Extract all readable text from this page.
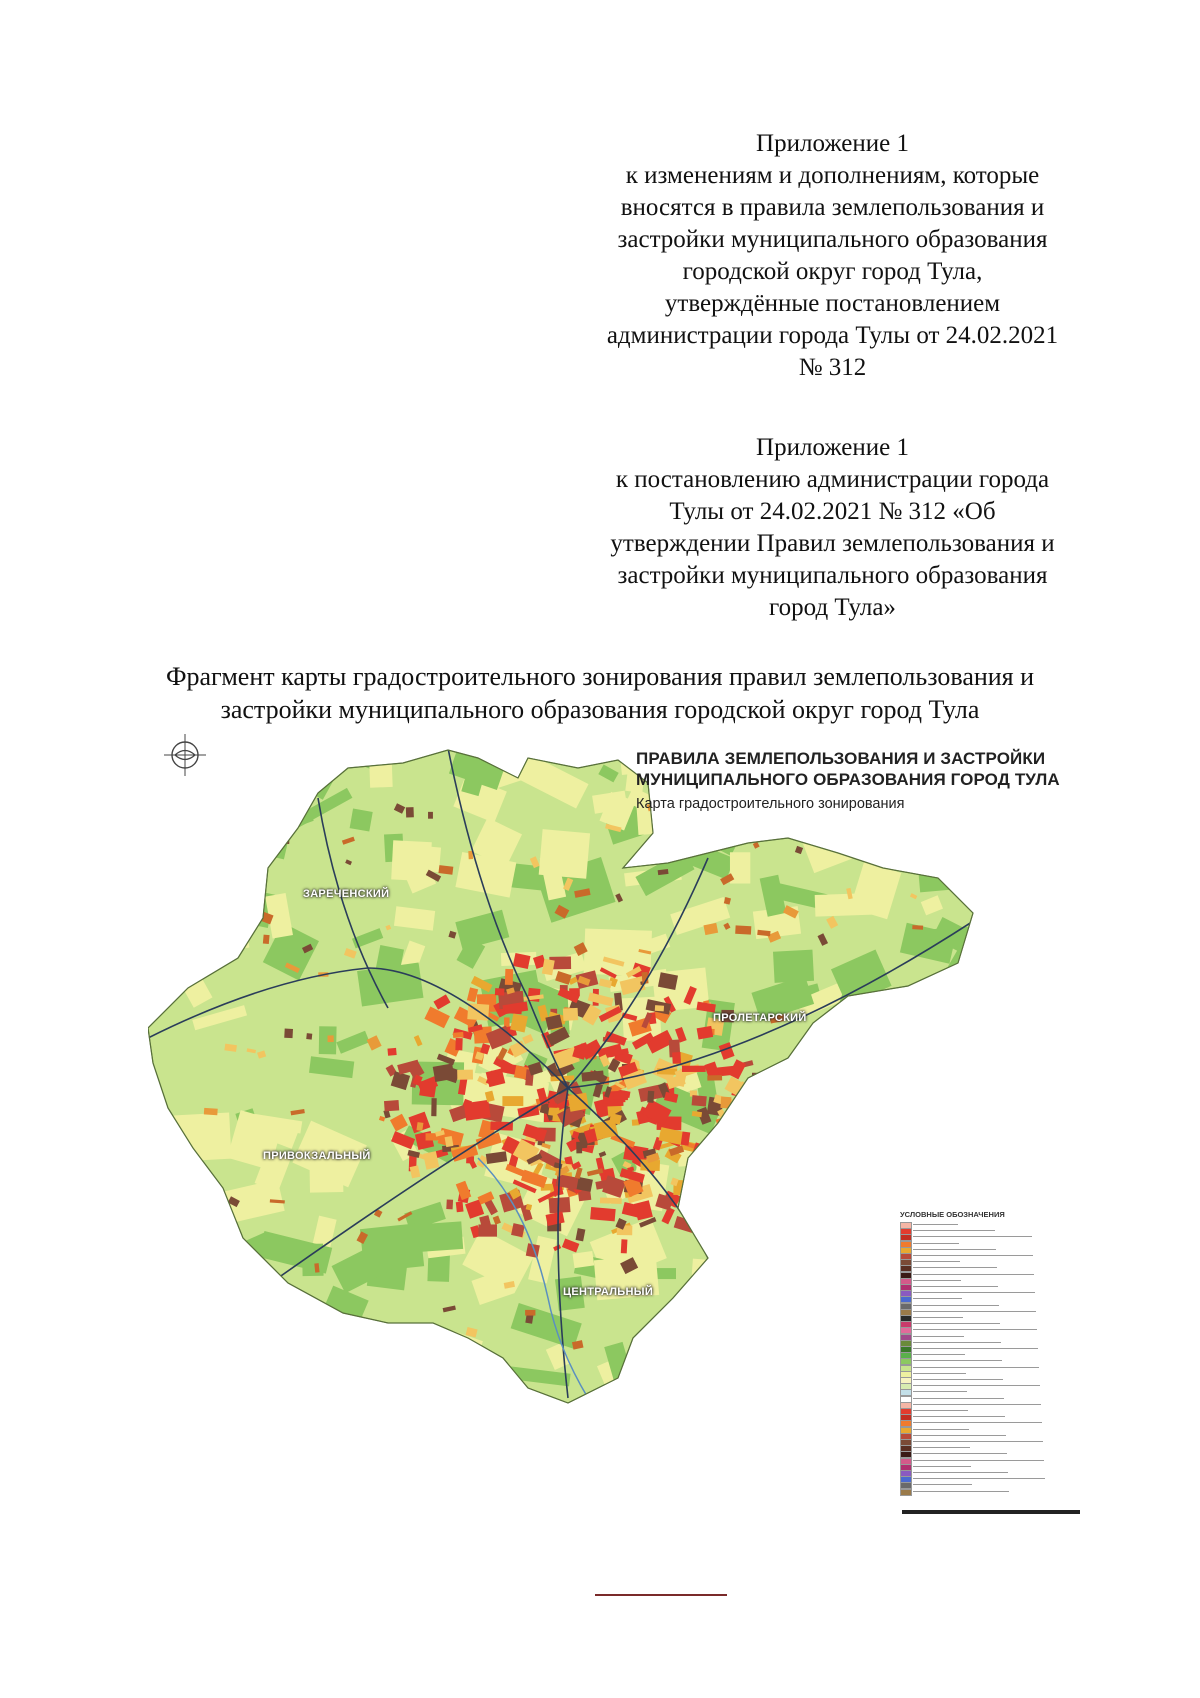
Приложение 1
к изменениям и дополнениям, которые
вносятся в правила землепользования и
застройки муниципального образования
городской округ город Тула,
утверждённые постановлением
администрации города Тулы от 24.02.2021
№ 312
Приложение 1
к постановлению администрации города
Тулы от 24.02.2021 № 312 «Об
утверждении Правил землепользования и
застройки муниципального образования
город Тула»
Фрагмент карты градостроительного зонирования правил землепользования и
застройки муниципального образования городской округ город Тула
ПРАВИЛА ЗЕМЛЕПОЛЬЗОВАНИЯ И ЗАСТРОЙКИ
МУНИЦИПАЛЬНОГО ОБРАЗОВАНИЯ ГОРОД ТУЛА
Карта градостроительного зонирования
ЗАРЕЧЕНСКИЙ
ПРОЛЕТАРСКИЙ
ПРИВОКЗАЛЬНЫЙ
ЦЕНТРАЛЬНЫЙ
УСЛОВНЫЕ ОБОЗНАЧЕНИЯ
